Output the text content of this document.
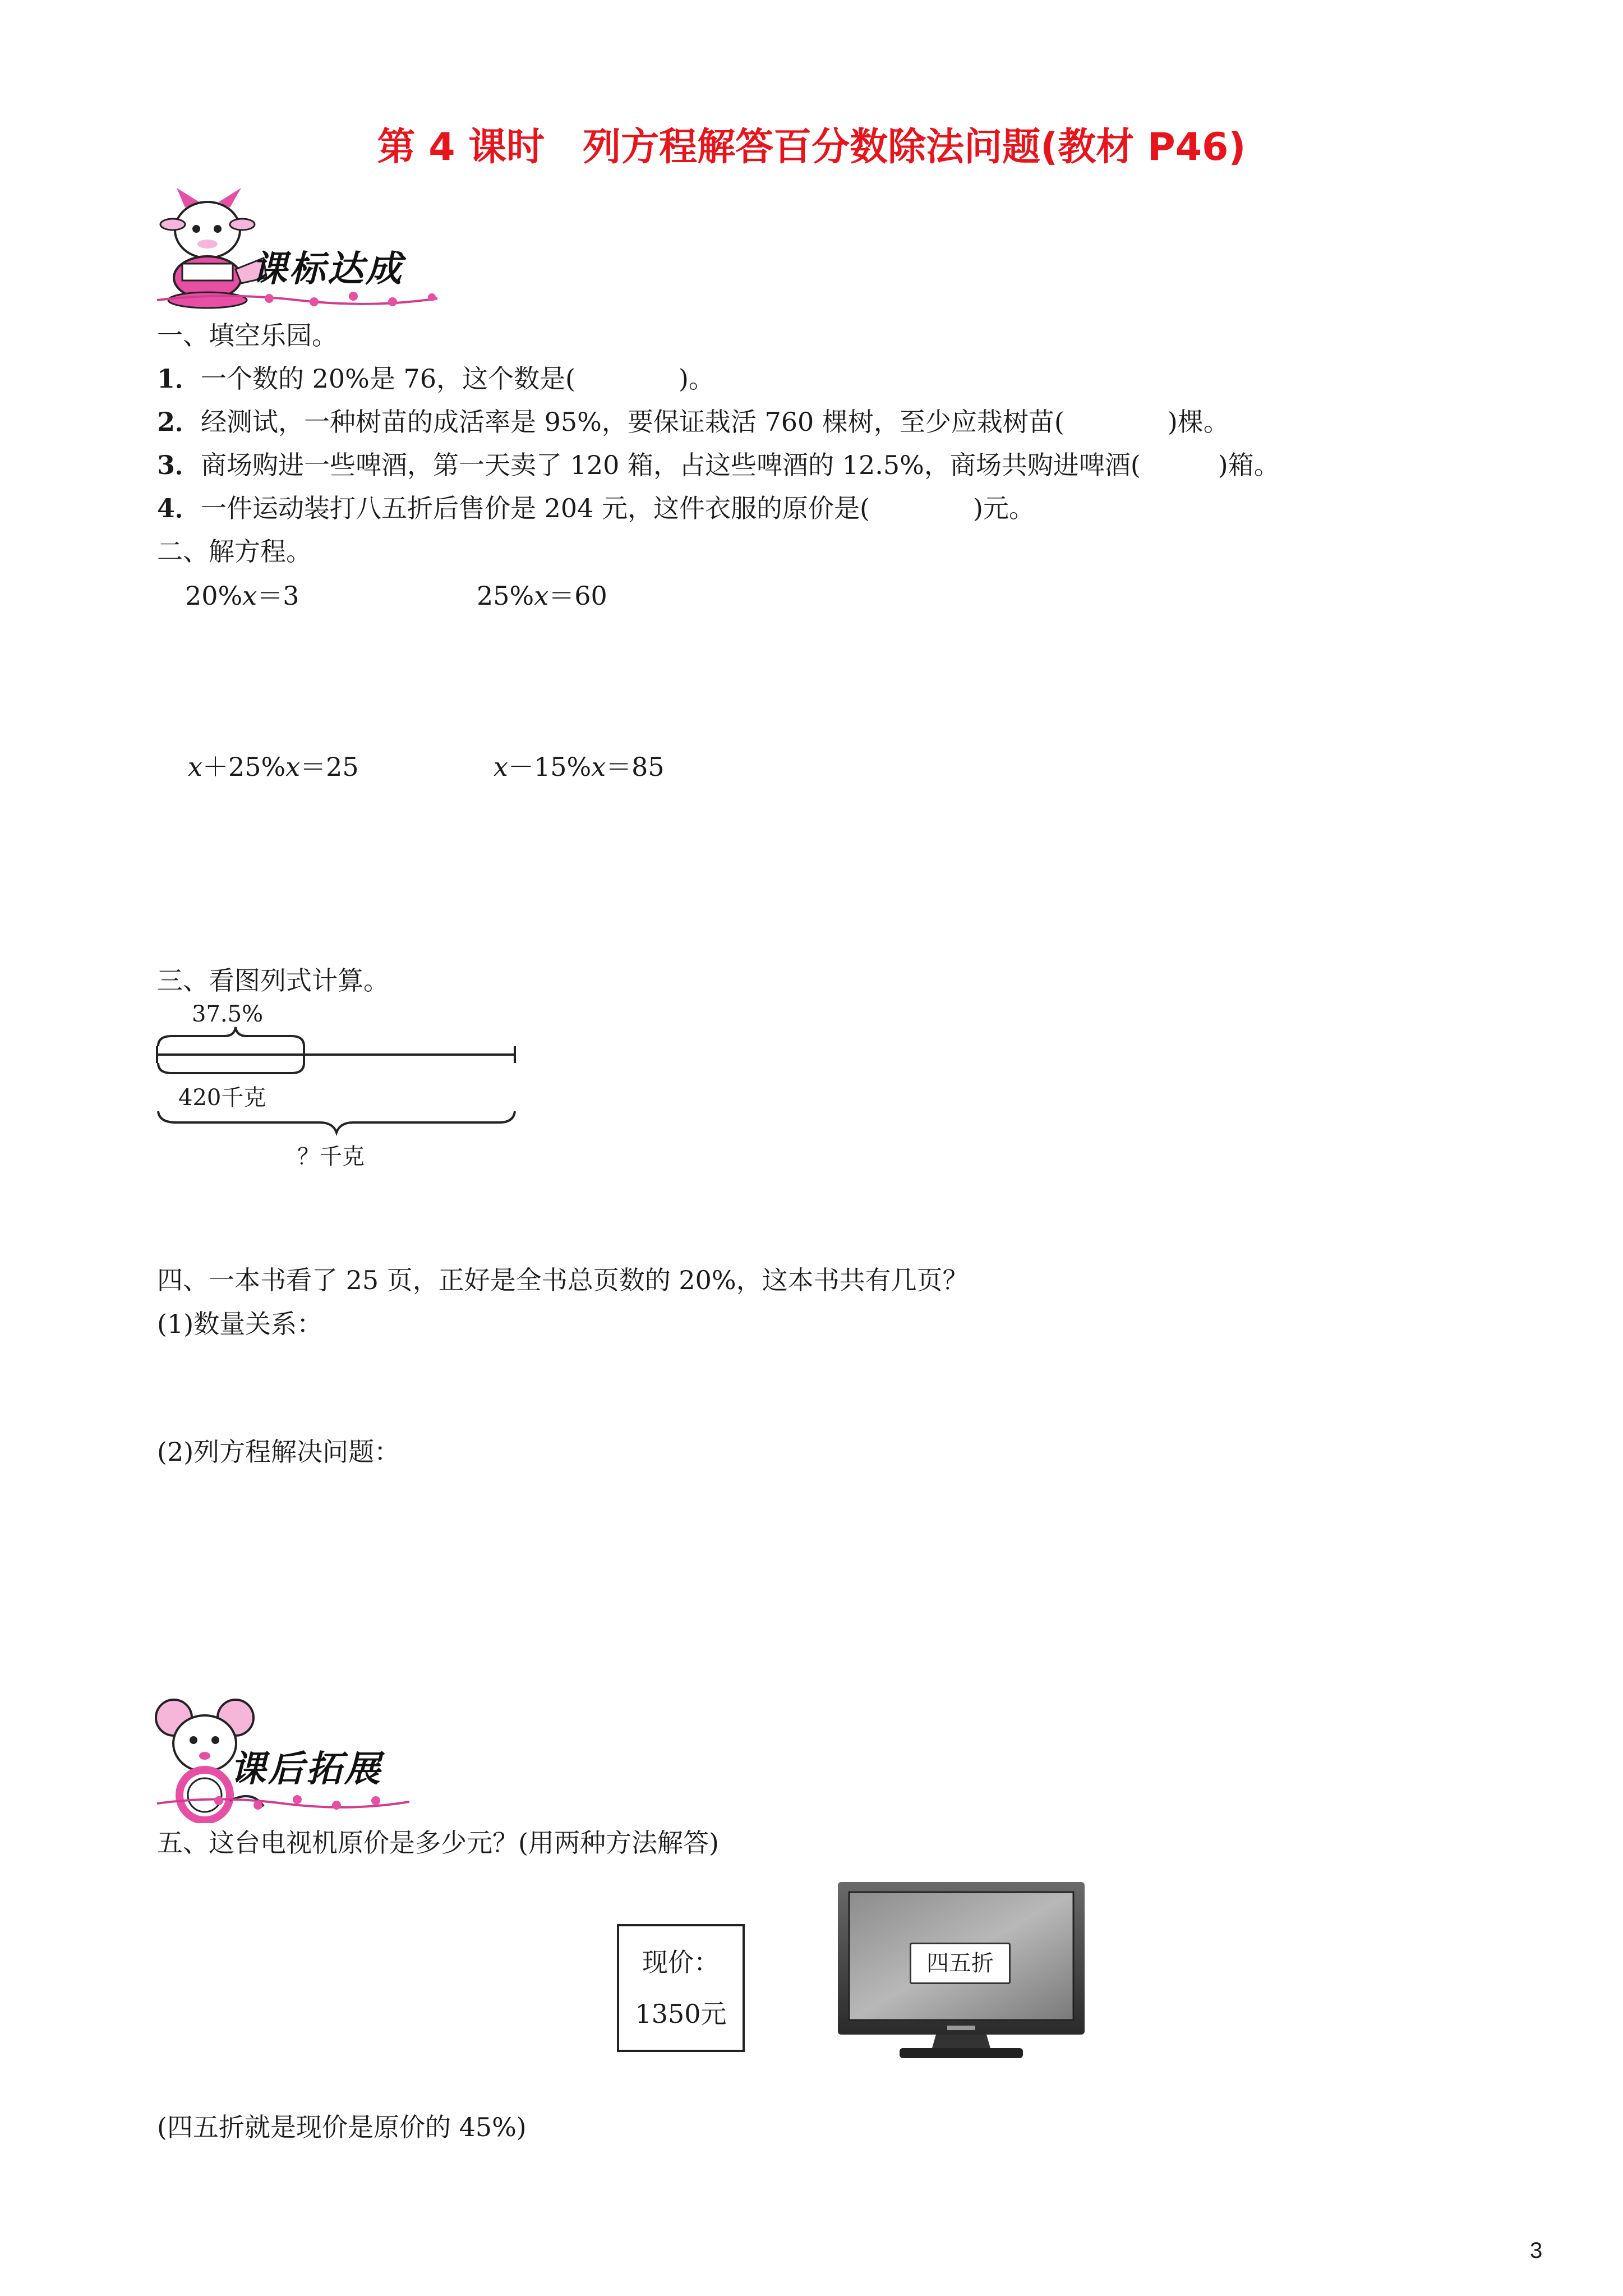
第 4 课时　列方程解答百分数除法问题(教材 P46)
课标达成
一、填空乐园。
1．一个数的 20%是 76，这个数是(　　　　)。
2．经测试，一种树苗的成活率是 95%，要保证栽活 760 棵树，至少应栽树苗(　　　　)棵。
3．商场购进一些啤酒，第一天卖了 120 箱，占这些啤酒的 12.5%，商场共购进啤酒(　　　)箱。
4．一件运动装打八五折后售价是 204 元，这件衣服的原价是(　　　　)元。
二、解方程。
20%x＝3	25%x＝60
x＋25%x＝25	x－15%x＝85
三、看图列式计算。
37.5%
420千克
？千克
四、一本书看了 25 页，正好是全书总页数的 20%，这本书共有几页？
(1)数量关系：
(2)列方程解决问题：
课后拓展
五、这台电视机原价是多少元？(用两种方法解答)
现价：
1350元
四五折
(四五折就是现价是原价的 45%)
3
